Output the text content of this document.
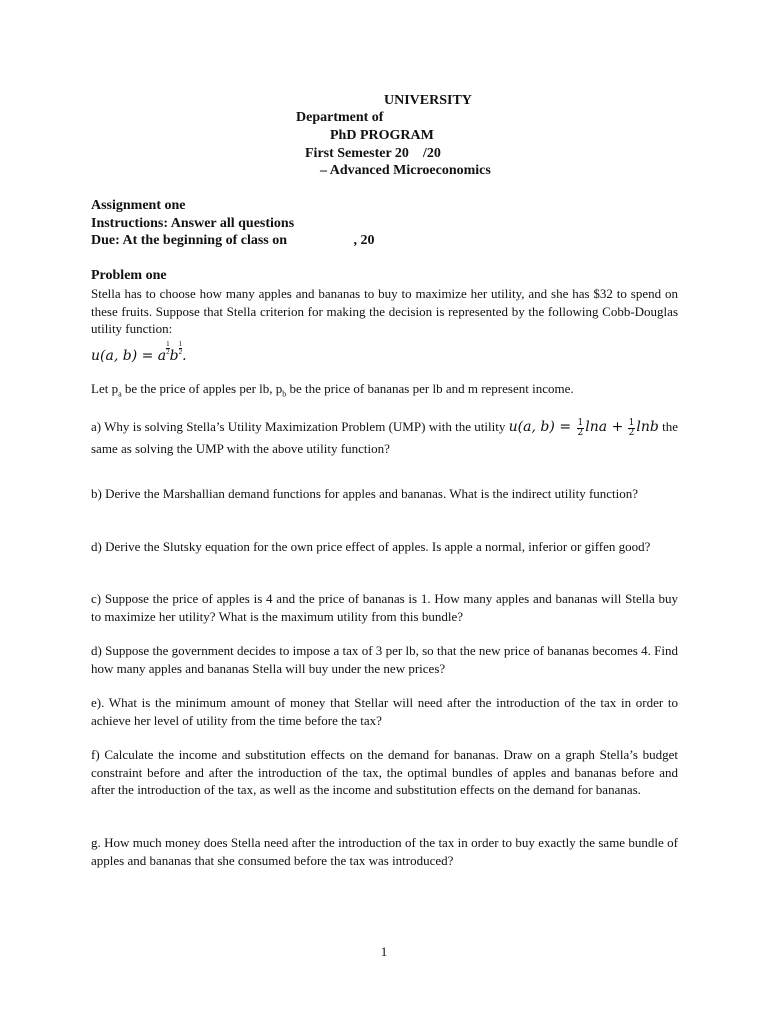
UNIVERSITY
Department of
PhD PROGRAM
First Semester 20    /20
– Advanced Microeconomics
Assignment one
Instructions: Answer all questions
Due: At the beginning of class on                   , 20
Problem one
Stella has to choose how many apples and bananas to buy to maximize her utility, and she has $32 to spend on these fruits. Suppose that Stella criterion for making the decision is represented by the following Cobb-Douglas utility function:
u(a, b) = a $\frac{1}{2}$ b $\frac{1}{2}$ .
Let $p_a$ be the price of apples per lb, $p_b$ be the price of bananas per lb and m represent income.
a) Why is solving Stella’s Utility Maximization Problem (UMP) with the utility u(a, $b) = \frac{1}{2}$ $\ln a + \frac{1}{2}$ lnb the same as solving the UMP with the above utility function?
b) Derive the Marshallian demand functions for apples and bananas. What is the indirect utility function?
d) Derive the Slutsky equation for the own price effect of apples. Is apple a normal, inferior or giffen good?
c) Suppose the price of apples is 4 and the price of bananas is 1. How many apples and bananas will Stella buy to maximize her utility? What is the maximum utility from this bundle?
d) Suppose the government decides to impose a tax of 3 per lb, so that the new price of bananas becomes 4. Find how many apples and bananas Stella will buy under the new prices?
e). What is the minimum amount of money that Stellar will need after the introduction of the tax in order to achieve her level of utility from the time before the tax?
f) Calculate the income and substitution effects on the demand for bananas. Draw on a graph Stella’s budget constraint before and after the introduction of the tax, the optimal bundles of apples and bananas before and after the introduction of the tax, as well as the income and substitution effects on the demand for bananas.
g. How much money does Stella need after the introduction of the tax in order to buy exactly the same bundle of apples and bananas that she consumed before the tax was introduced?
1
